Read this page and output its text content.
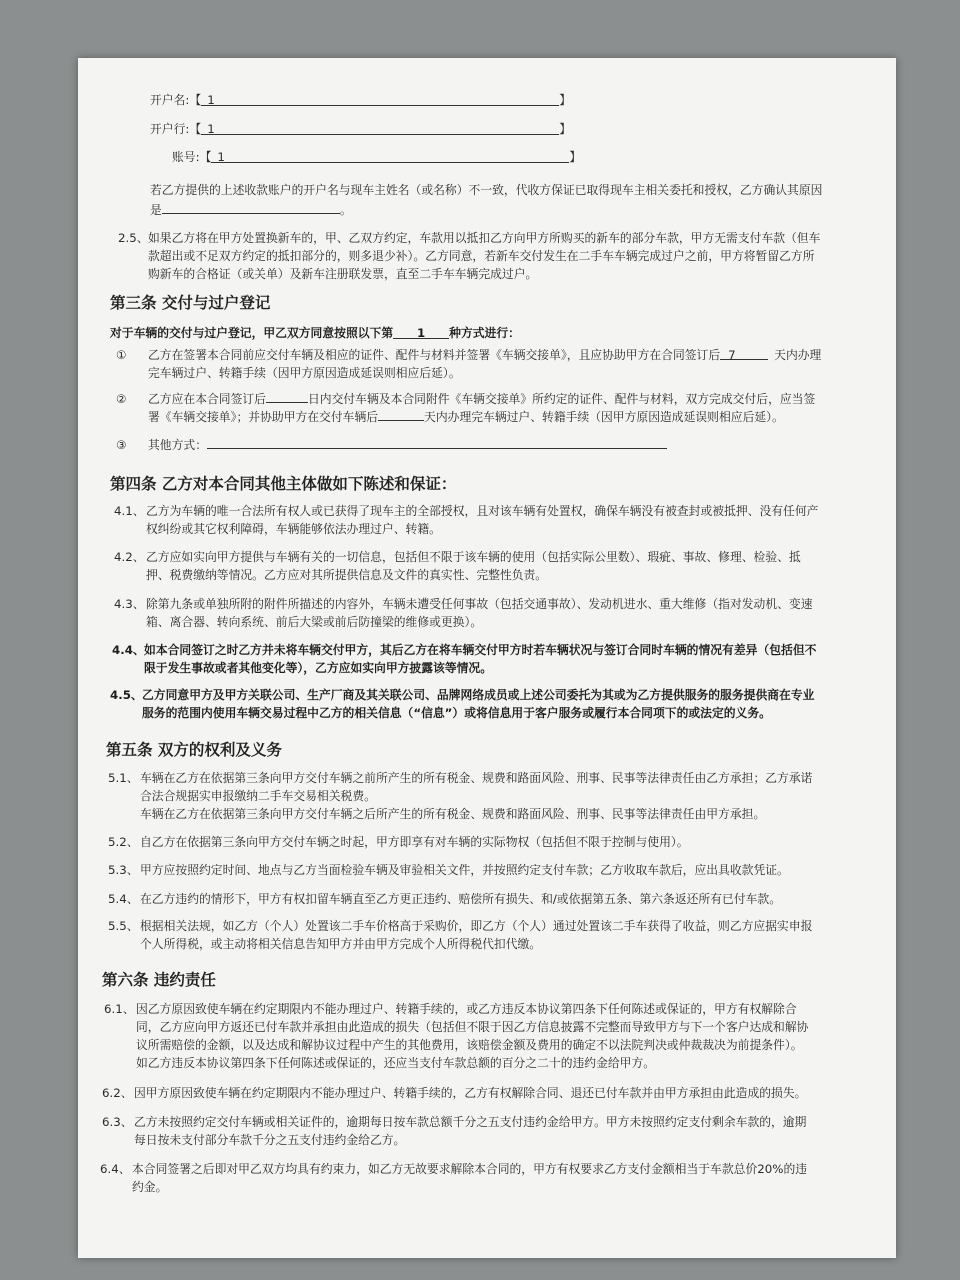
开户名:【 1	】
开户行:【 1	】
账号:【 1	】
若乙方提供的上述收款账户的开户名与现车主姓名（或名称）不一致，代收方保证已取得现车主相关委托和授权，乙方确认其原因
是	。
2.5、如果乙方将在甲方处置换新车的，甲、乙双方约定，车款用以抵扣乙方向甲方所购买的新车的部分车款，甲方无需支付车款（但车
款超出或不足双方约定的抵扣部分的，则多退少补）。乙方同意，若新车交付发生在二手车车辆完成过户之前，甲方将暂留乙方所
购新车的合格证（或关单）及新车注册联发票，直至二手车车辆完成过户。
第三条 交付与过户登记
对于车辆的交付与过户登记，甲乙双方同意按照以下第 1 种方式进行：
① 乙方在签署本合同前应交付车辆及相应的证件、配件与材料并签署《车辆交接单》，且应协助甲方在合同签订后 7	天内办理
完车辆过户、转籍手续（因甲方原因造成延误则相应后延）。
② 乙方应在本合同签订后	日内交付车辆及本合同附件《车辆交接单》所约定的证件、配件与材料，双方完成交付后，应当签
署《车辆交接单》；并协助甲方在交付车辆后	天内办理完车辆过户、转籍手续（因甲方原因造成延误则相应后延）。
③ 其他方式：
第四条 乙方对本合同其他主体做如下陈述和保证：
4.1、乙方为车辆的唯一合法所有权人或已获得了现车主的全部授权，且对该车辆有处置权，确保车辆没有被查封或被抵押、没有任何产
权纠纷或其它权利障碍，车辆能够依法办理过户、转籍。
4.2、乙方应如实向甲方提供与车辆有关的一切信息，包括但不限于该车辆的使用（包括实际公里数）、瑕疵、事故、修理、检验、抵
押、税费缴纳等情况。乙方应对其所提供信息及文件的真实性、完整性负责。
4.3、除第九条或单独所附的附件所描述的内容外，车辆未遭受任何事故（包括交通事故）、发动机进水、重大维修（指对发动机、变速
箱、离合器、转向系统、前后大梁或前后防撞梁的维修或更换）。
4.4、如本合同签订之时乙方并未将车辆交付甲方，其后乙方在将车辆交付甲方时若车辆状况与签订合同时车辆的情况有差异（包括但不
限于发生事故或者其他变化等），乙方应如实向甲方披露该等情况。
4.5、乙方同意甲方及甲方关联公司、生产厂商及其关联公司、品牌网络成员或上述公司委托为其或为乙方提供服务的服务提供商在专业
服务的范围内使用车辆交易过程中乙方的相关信息（“信息”）或将信息用于客户服务或履行本合同项下的或法定的义务。
第五条 双方的权利及义务
5.1、车辆在乙方在依据第三条向甲方交付车辆之前所产生的所有税金、规费和路面风险、刑事、民事等法律责任由乙方承担；乙方承诺
合法合规据实申报缴纳二手车交易相关税费。
车辆在乙方在依据第三条向甲方交付车辆之后所产生的所有税金、规费和路面风险、刑事、民事等法律责任由甲方承担。
5.2、自乙方在依据第三条向甲方交付车辆之时起，甲方即享有对车辆的实际物权（包括但不限于控制与使用）。
5.3、甲方应按照约定时间、地点与乙方当面检验车辆及审验相关文件，并按照约定支付车款；乙方收取车款后，应出具收款凭证。
5.4、在乙方违约的情形下，甲方有权扣留车辆直至乙方更正违约、赔偿所有损失、和/或依据第五条、第六条返还所有已付车款。
5.5、根据相关法规，如乙方（个人）处置该二手车价格高于采购价，即乙方（个人）通过处置该二手车获得了收益，则乙方应据实申报
个人所得税，或主动将相关信息告知甲方并由甲方完成个人所得税代扣代缴。
第六条 违约责任
6.1、因乙方原因致使车辆在约定期限内不能办理过户、转籍手续的，或乙方违反本协议第四条下任何陈述或保证的，甲方有权解除合
同，乙方应向甲方返还已付车款并承担由此造成的损失（包括但不限于因乙方信息披露不完整而导致甲方与下一个客户达成和解协
议所需赔偿的金额，以及达成和解协议过程中产生的其他费用，该赔偿金额及费用的确定不以法院判决或仲裁裁决为前提条件）。
如乙方违反本协议第四条下任何陈述或保证的，还应当支付车款总额的百分之二十的违约金给甲方。
6.2、因甲方原因致使车辆在约定期限内不能办理过户、转籍手续的，乙方有权解除合同、退还已付车款并由甲方承担由此造成的损失。
6.3、乙方未按照约定交付车辆或相关证件的，逾期每日按车款总额千分之五支付违约金给甲方。甲方未按照约定支付剩余车款的，逾期
每日按未支付部分车款千分之五支付违约金给乙方。
6.4、本合同签署之后即对甲乙双方均具有约束力，如乙方无故要求解除本合同的，甲方有权要求乙方支付金额相当于车款总价20%的违
约金。
